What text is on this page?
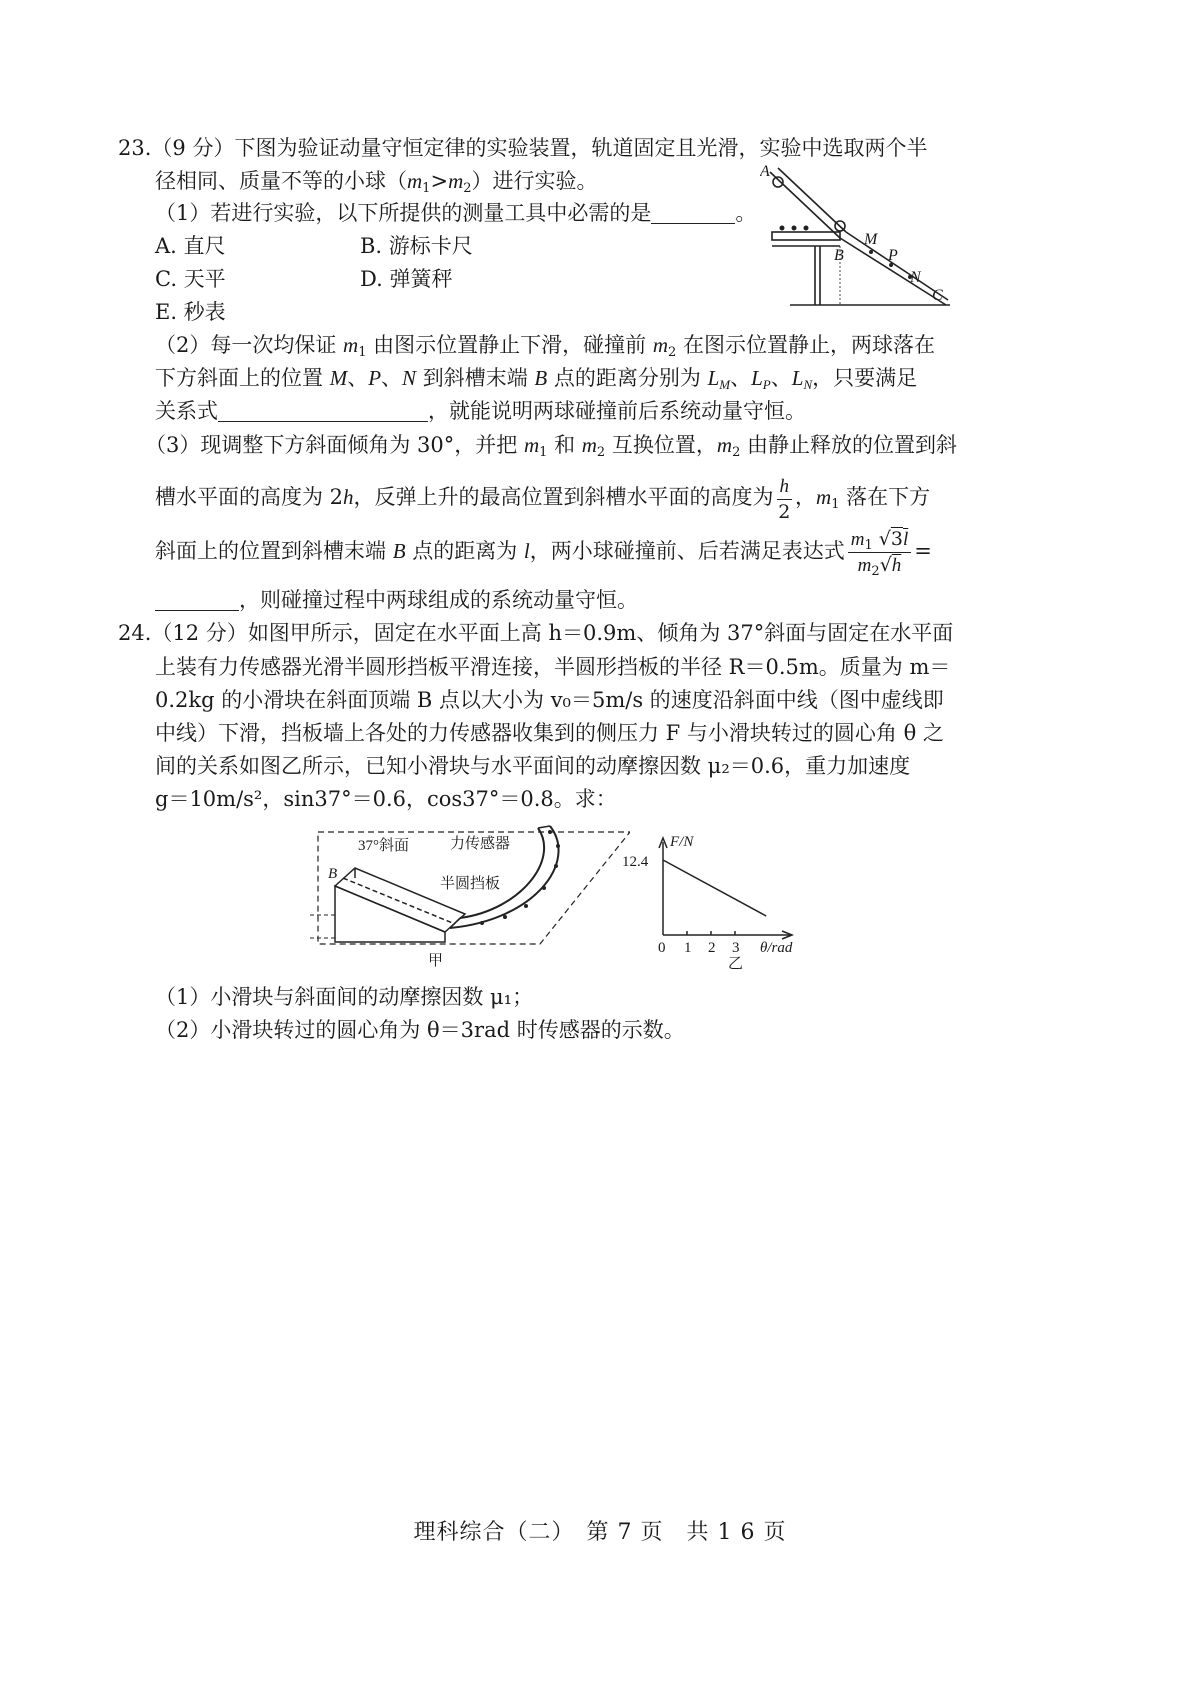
23.（9 分）下图为验证动量守恒定律的实验装置，轨道固定且光滑，实验中选取两个半
径相同、质量不等的小球$(m_1>m_2)$进行实验。
（1）若进行实验，以下所提供的测量工具中必需的是	。
A. 直尺	B. 游标卡尺
C. 天平	D. 弹簧秤
E. 秒表
A
B
M
P
N
C
（2）每一次均保证 $m_1$ 由图示位置静止下滑，碰撞前 $m_2$ 在图示位置静止，两球落在
下方斜面上的位置 M、P、N 到斜槽末端 B 点的距离分别为 $L_M$、$L_P$、$L_N$，只要满足
关系式	，就能说明两球碰撞前后系统动量守恒。
（3）现调整下方斜面倾角为 30°，并把 $m_1$ 和 $m_2$ 互换位置，$m_2$ 由静止释放的位置到斜
槽水平面的高度为 2h，反弹上升的最高位置到斜槽水平面的高度为 $\frac{h}{2}$ ，$m_1$ 落在下方
斜面上的位置到斜槽末端 B 点的距离为 l，两小球碰撞前、后若满足表达式 $\frac{m_1 √3l}{m_2√h}$ =
，则碰撞过程中两球组成的系统动量守恒。
24.（12 分）如图甲所示，固定在水平面上高 h＝0.9m、倾角为 37°斜面与固定在水平面
上装有力传感器光滑半圆形挡板平滑连接，半圆形挡板的半径 R＝0.5m。质量为 m＝
0.2kg 的小滑块在斜面顶端 B 点以大小为 v₀＝5m/s 的速度沿斜面中线（图中虚线即
中线）下滑，挡板墙上各处的力传感器收集到的侧压力 F 与小滑块转过的圆心角 θ 之
间的关系如图乙所示，已知小滑块与水平面间的动摩擦因数 μ₂＝0.6，重力加速度
g＝10m/s²，sin37°＝0.6，cos37°＝0.8。求：
37°斜面	力传感器
B
半圆挡板
甲
F/N
12.4
0 1 2 3 θ/rad
乙
（1）小滑块与斜面间的动摩擦因数 μ₁；
（2）小滑块转过的圆心角为 θ＝3rad 时传感器的示数。
理科综合（二）　第 7 页　共 1 6 页
